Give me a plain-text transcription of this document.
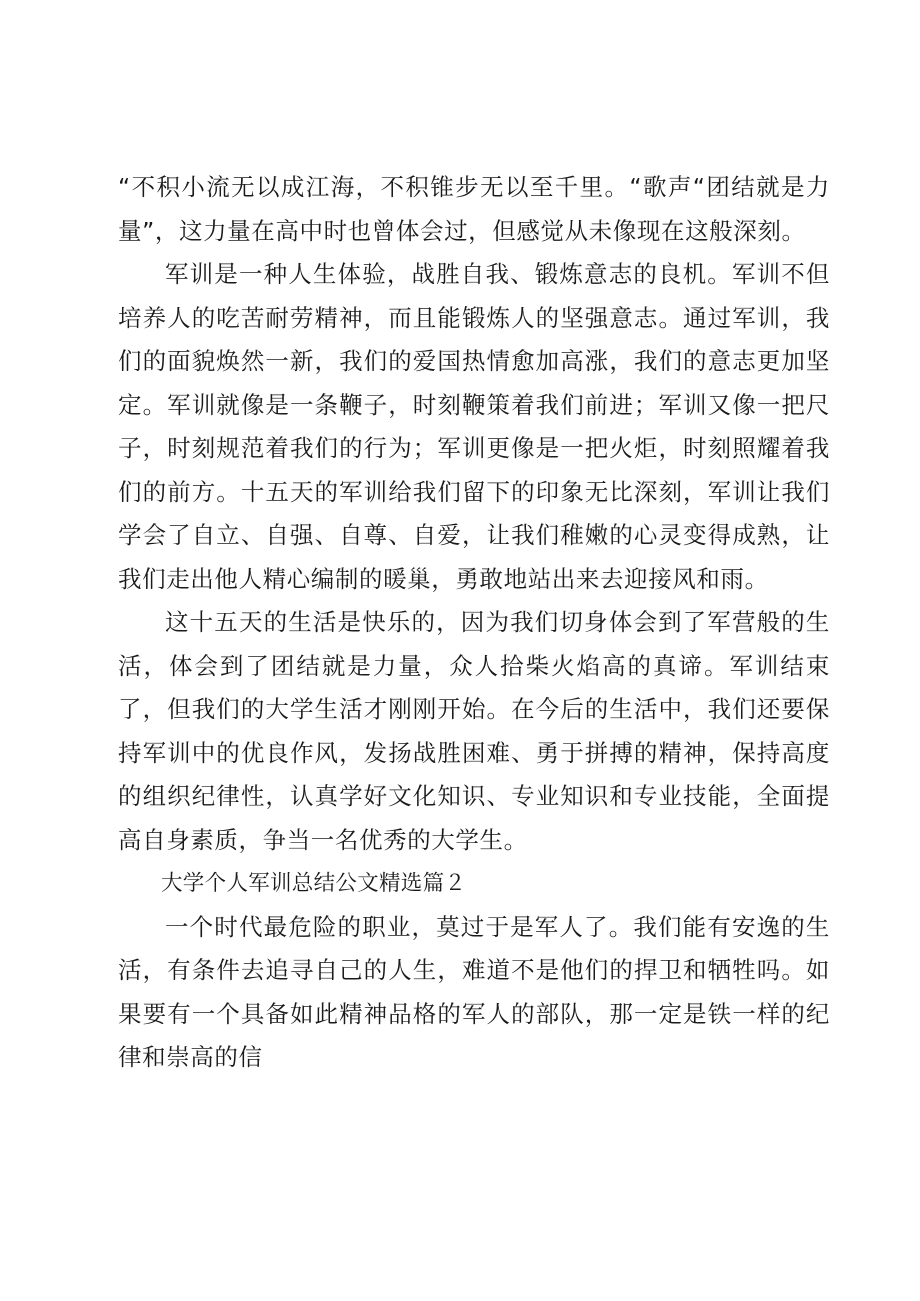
“不积小流无以成江海，不积锥步无以至千里。“歌声“团结就是力量”，这力量在高中时也曾体会过，但感觉从未像现在这般深刻。

军训是一种人生体验，战胜自我、锻炼意志的良机。军训不但培养人的吃苦耐劳精神，而且能锻炼人的坚强意志。通过军训，我们的面貌焕然一新，我们的爱国热情愈加高涨，我们的意志更加坚定。军训就像是一条鞭子，时刻鞭策着我们前进；军训又像一把尺子，时刻规范着我们的行为；军训更像是一把火炬，时刻照耀着我们的前方。十五天的军训给我们留下的印象无比深刻，军训让我们学会了自立、自强、自尊、自爱，让我们稚嫩的心灵变得成熟，让我们走出他人精心编制的暖巢，勇敢地站出来去迎接风和雨。

这十五天的生活是快乐的，因为我们切身体会到了军营般的生活，体会到了团结就是力量，众人拾柴火焰高的真谛。军训结束了，但我们的大学生活才刚刚开始。在今后的生活中，我们还要保持军训中的优良作风，发扬战胜困难、勇于拼搏的精神，保持高度的组织纪律性，认真学好文化知识、专业知识和专业技能，全面提高自身素质，争当一名优秀的大学生。

大学个人军训总结公文精选篇２

一个时代最危险的职业，莫过于是军人了。我们能有安逸的生活，有条件去追寻自己的人生，难道不是他们的捍卫和牺牲吗。如果要有一个具备如此精神品格的军人的部队，那一定是铁一样的纪律和崇高的信
